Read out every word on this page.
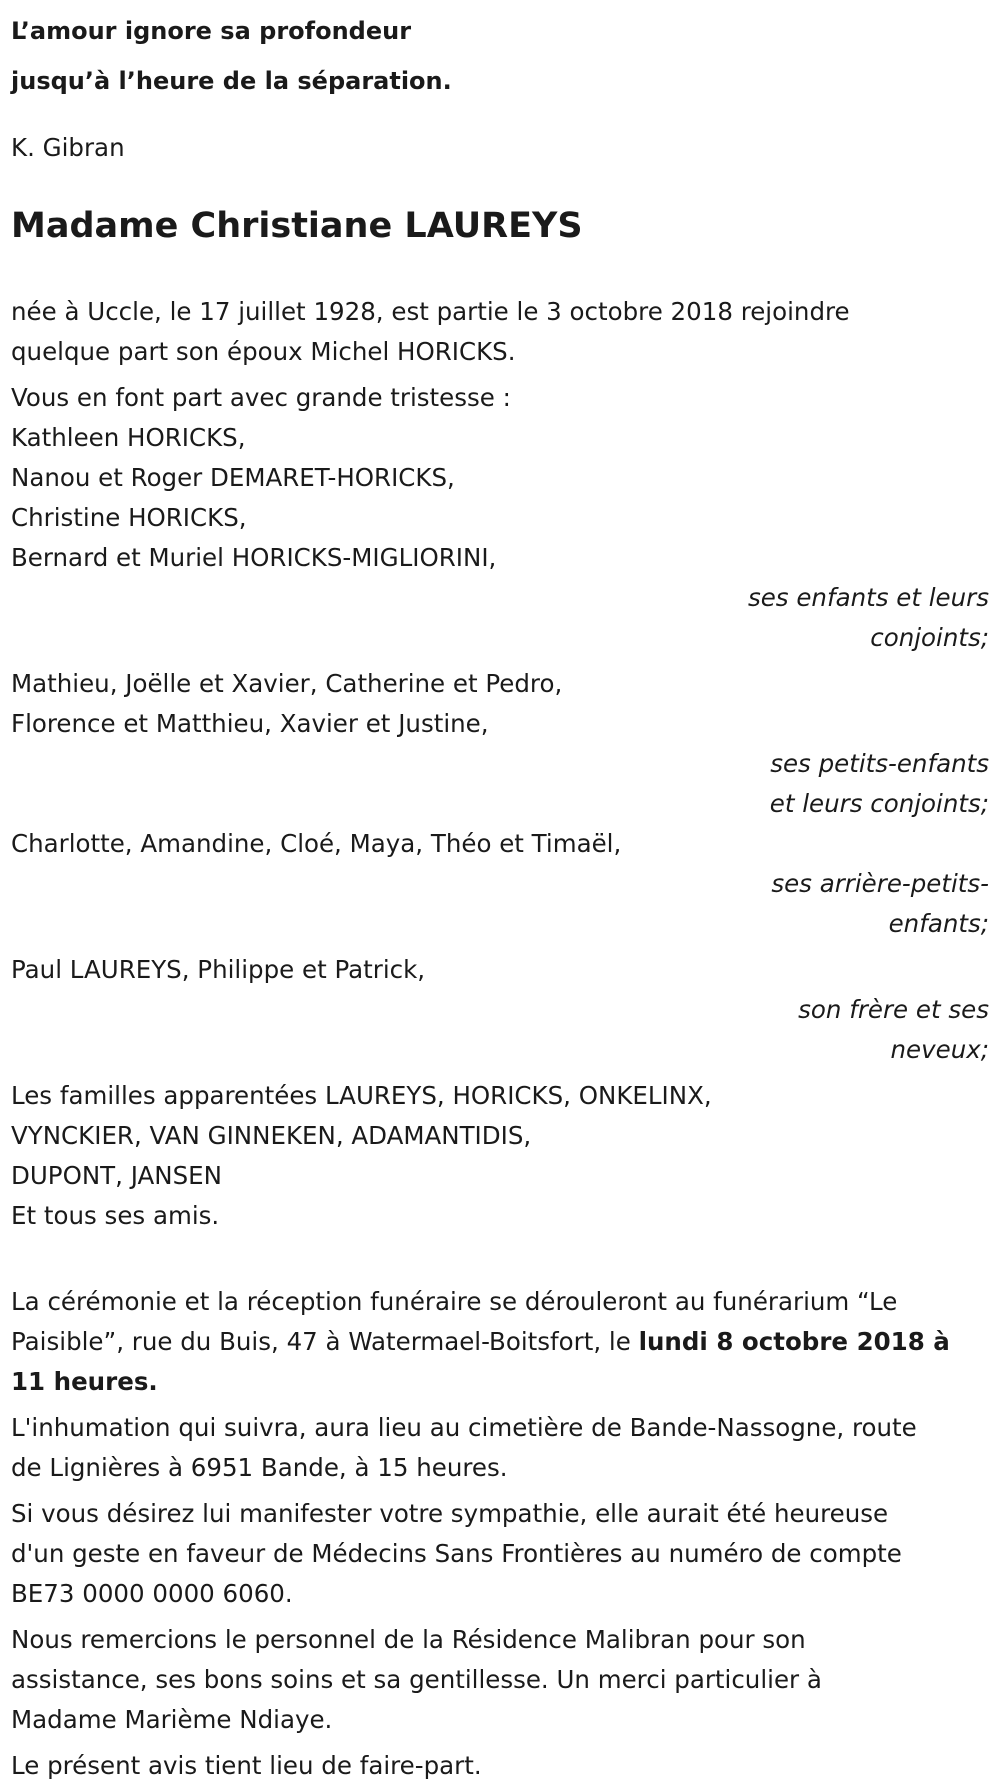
L’amour ignore sa profondeur

jusqu’à l’heure de la séparation.

K. Gibran

Madame Christiane LAUREYS
née à Uccle, le 17 juillet 1928, est partie le 3 octobre 2018 rejoindre
quelque part son époux Michel HORICKS.
Vous en font part avec grande tristesse :
Kathleen HORICKS,
Nanou et Roger DEMARET-HORICKS,
Christine HORICKS,
Bernard et Muriel HORICKS-MIGLIORINI,
ses enfants et leurs
conjoints;
Mathieu, Joëlle et Xavier, Catherine et Pedro,
Florence et Matthieu, Xavier et Justine,
ses petits-enfants
et leurs conjoints;
Charlotte, Amandine, Cloé, Maya, Théo et Timaël,
ses arrière-petits-
enfants;
Paul LAUREYS, Philippe et Patrick,
son frère et ses
neveux;
Les familles apparentées LAUREYS, HORICKS, ONKELINX,
VYNCKIER, VAN GINNEKEN, ADAMANTIDIS,
DUPONT, JANSEN
Et tous ses amis.
La cérémonie et la réception funéraire se dérouleront au funérarium “Le
Paisible”, rue du Buis, 47 à Watermael-Boitsfort, le lundi 8 octobre 2018 à
11 heures.
L'inhumation qui suivra, aura lieu au cimetière de Bande-Nassogne, route
de Lignières à 6951 Bande, à 15 heures.
Si vous désirez lui manifester votre sympathie, elle aurait été heureuse
d'un geste en faveur de Médecins Sans Frontières au numéro de compte
BE73 0000 0000 6060.
Nous remercions le personnel de la Résidence Malibran pour son
assistance, ses bons soins et sa gentillesse. Un merci particulier à
Madame Marième Ndiaye.
Le présent avis tient lieu de faire-part.
